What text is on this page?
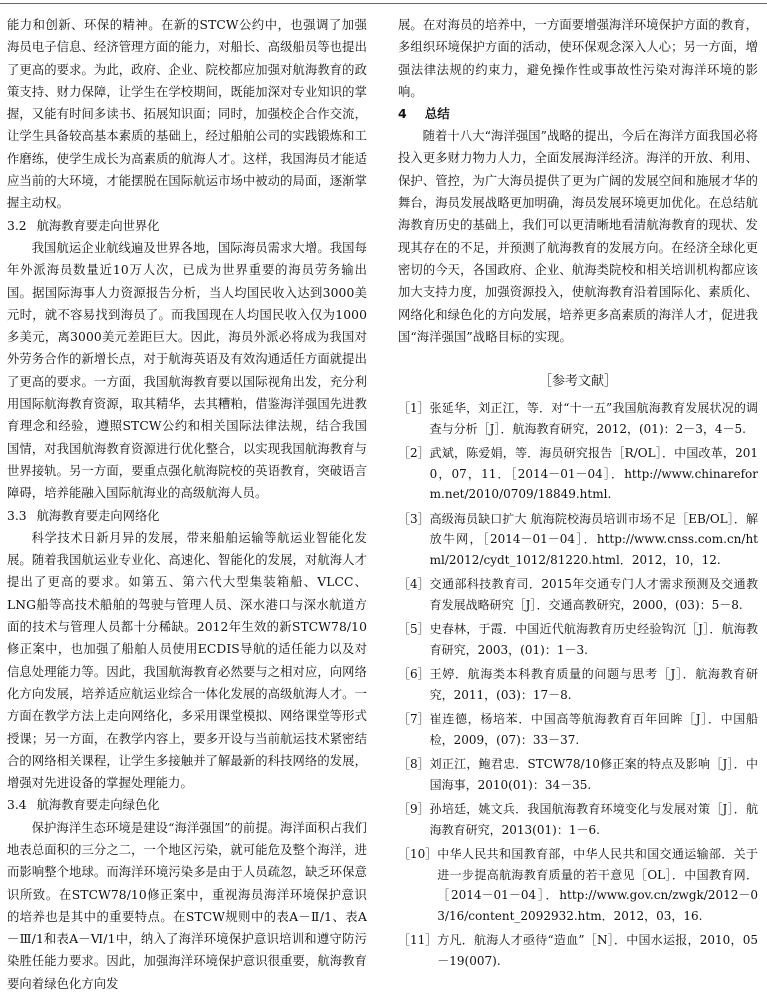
能力和创新、环保的精神。在新的STCW公约中，也强调了加强海员电子信息、经济管理方面的能力，对船长、高级船员等也提出了更高的要求。为此，政府、企业、院校都应加强对航海教育的政策支持、财力保障，让学生在学校期间，既能加深对专业知识的掌握，又能有时间多读书、拓展知识面；同时，加强校企合作交流，让学生具备较高基本素质的基础上，经过船舶公司的实践锻炼和工作磨练，使学生成长为高素质的航海人才。这样，我国海员才能适应当前的大环境，才能摆脱在国际航运市场中被动的局面，逐渐掌握主动权。

3.2 航海教育要走向世界化

我国航运企业航线遍及世界各地，国际海员需求大增。我国每年外派海员数量近10万人次，已成为世界重要的海员劳务输出国。据国际海事人力资源报告分析，当人均国民收入达到3000美元时，就不容易找到海员了。而我国现在人均国民收入仅为1000多美元，离3000美元差距巨大。因此，海员外派必将成为我国对外劳务合作的新增长点，对于航海英语及有效沟通适任方面就提出了更高的要求。一方面，我国航海教育要以国际视角出发，充分利用国际航海教育资源，取其精华，去其糟粕，借鉴海洋强国先进教育理念和经验，遵照STCW公约和相关国际法律法规，结合我国国情，对我国航海教育资源进行优化整合，以实现我国航海教育与世界接轨。另一方面，要重点强化航海院校的英语教育，突破语言障碍，培养能融入国际航海业的高级航海人员。

3.3 航海教育要走向网络化

科学技术日新月异的发展，带来船舶运输等航运业智能化发展。随着我国航运业专业化、高速化、智能化的发展，对航海人才提出了更高的要求。如第五、第六代大型集装箱船、VLCC、LNG船等高技术船舶的驾驶与管理人员、深水港口与深水航道方面的技术与管理人员都十分稀缺。2012年生效的新STCW78/10修正案中，也加强了船舶人员使用ECDIS导航的适任能力以及对信息处理能力等。因此，我国航海教育必然要与之相对应，向网络化方向发展，培养适应航运业综合一体化发展的高级航海人才。一方面在教学方法上走向网络化，多采用课堂模拟、网络课堂等形式授课；另一方面，在教学内容上，要多开设与当前航运技术紧密结合的网络相关课程，让学生多接触并了解最新的科技网络的发展，增强对先进设备的掌握处理能力。

3.4 航海教育要走向绿色化

保护海洋生态环境是建设“海洋强国”的前提。海洋面积占我们地表总面积的三分之二，一个地区污染，就可能危及整个海洋，进而影响整个地球。而海洋环境污染多是由于人员疏忽，缺乏环保意识所致。在STCW78/10修正案中，重视海员海洋环境保护意识的培养也是其中的重要特点。在STCW规则中的表A－Ⅱ/1、表A－Ⅲ/1和表A－Ⅵ/1中，纳入了海洋环境保护意识培训和遵守防污染胜任能力要求。因此，加强海洋环境保护意识很重要，航海教育要向着绿色化方向发

展。在对海员的培养中，一方面要增强海洋环境保护方面的教育，多组织环境保护方面的活动，使环保观念深入人心；另一方面，增强法律法规的约束力，避免操作性或事故性污染对海洋环境的影响。

4 总结

随着十八大“海洋强国”战略的提出，今后在海洋方面我国必将投入更多财力物力人力，全面发展海洋经济。海洋的开放、利用、保护、管控，为广大海员提供了更为广阔的发展空间和施展才华的舞台，海员发展战略更加明确，海员发展环境更加优化。在总结航海教育历史的基础上，我们可以更清晰地看清航海教育的现状、发现其存在的不足，并预测了航海教育的发展方向。在经济全球化更密切的今天，各国政府、企业、航海类院校和相关培训机构都应该加大支持力度，加强资源投入，使航海教育沿着国际化、素质化、网络化和绿色化的方向发展，培养更多高素质的海洋人才，促进我国“海洋强国”战略目标的实现。

［参考文献］
［1］ 张延华，刘正江，等．对“十一五”我国航海教育发展状况的调查与分析［J］．航海教育研究，2012，(01)：2－3，4－5.
［2］ 武斌，陈爱娟，等．海员研究报告［R/OL］．中国改革，2010，07，11．［2014－01－04］．http://www.chinareform.net/2010/0709/18849.html.
［3］ 高级海员缺口扩大 航海院校海员培训市场不足［EB/OL］．解放牛网，［2014－01－04］．http://www.cnss.com.cn/html/2012/cydt_1012/81220.html．2012，10，12.
［4］ 交通部科技教育司．2015年交通专门人才需求预测及交通教育发展战略研究［J］．交通高教研究，2000，(03)：5－8.
［5］ 史春林，于霞．中国近代航海教育历史经验钩沉［J］．航海教育研究，2003，(01)：1－3.
［6］ 王婷．航海类本科教育质量的问题与思考［J］．航海教育研究，2011，(03)：17－8.
［7］ 崔连德，杨培苯．中国高等航海教育百年回眸［J］．中国船检，2009，(07)：33－37.
［8］ 刘正江，鲍君忠．STCW78/10修正案的特点及影响［J］．中国海事，2010(01)：34－35.
［9］ 孙培廷，姚文兵．我国航海教育环境变化与发展对策［J］．航海教育研究，2013(01)：1－6.
［10］ 中华人民共和国教育部，中华人民共和国交通运输部．关于进一步提高航海教育质量的若干意见［OL］．中国教育网．［2014－01－04］．http://www.gov.cn/zwgk/2012－03/16/content_2092932.htm．2012，03，16.
［11］ 方凡．航海人才亟待“造血”［N］．中国水运报，2010，05－19(007).
